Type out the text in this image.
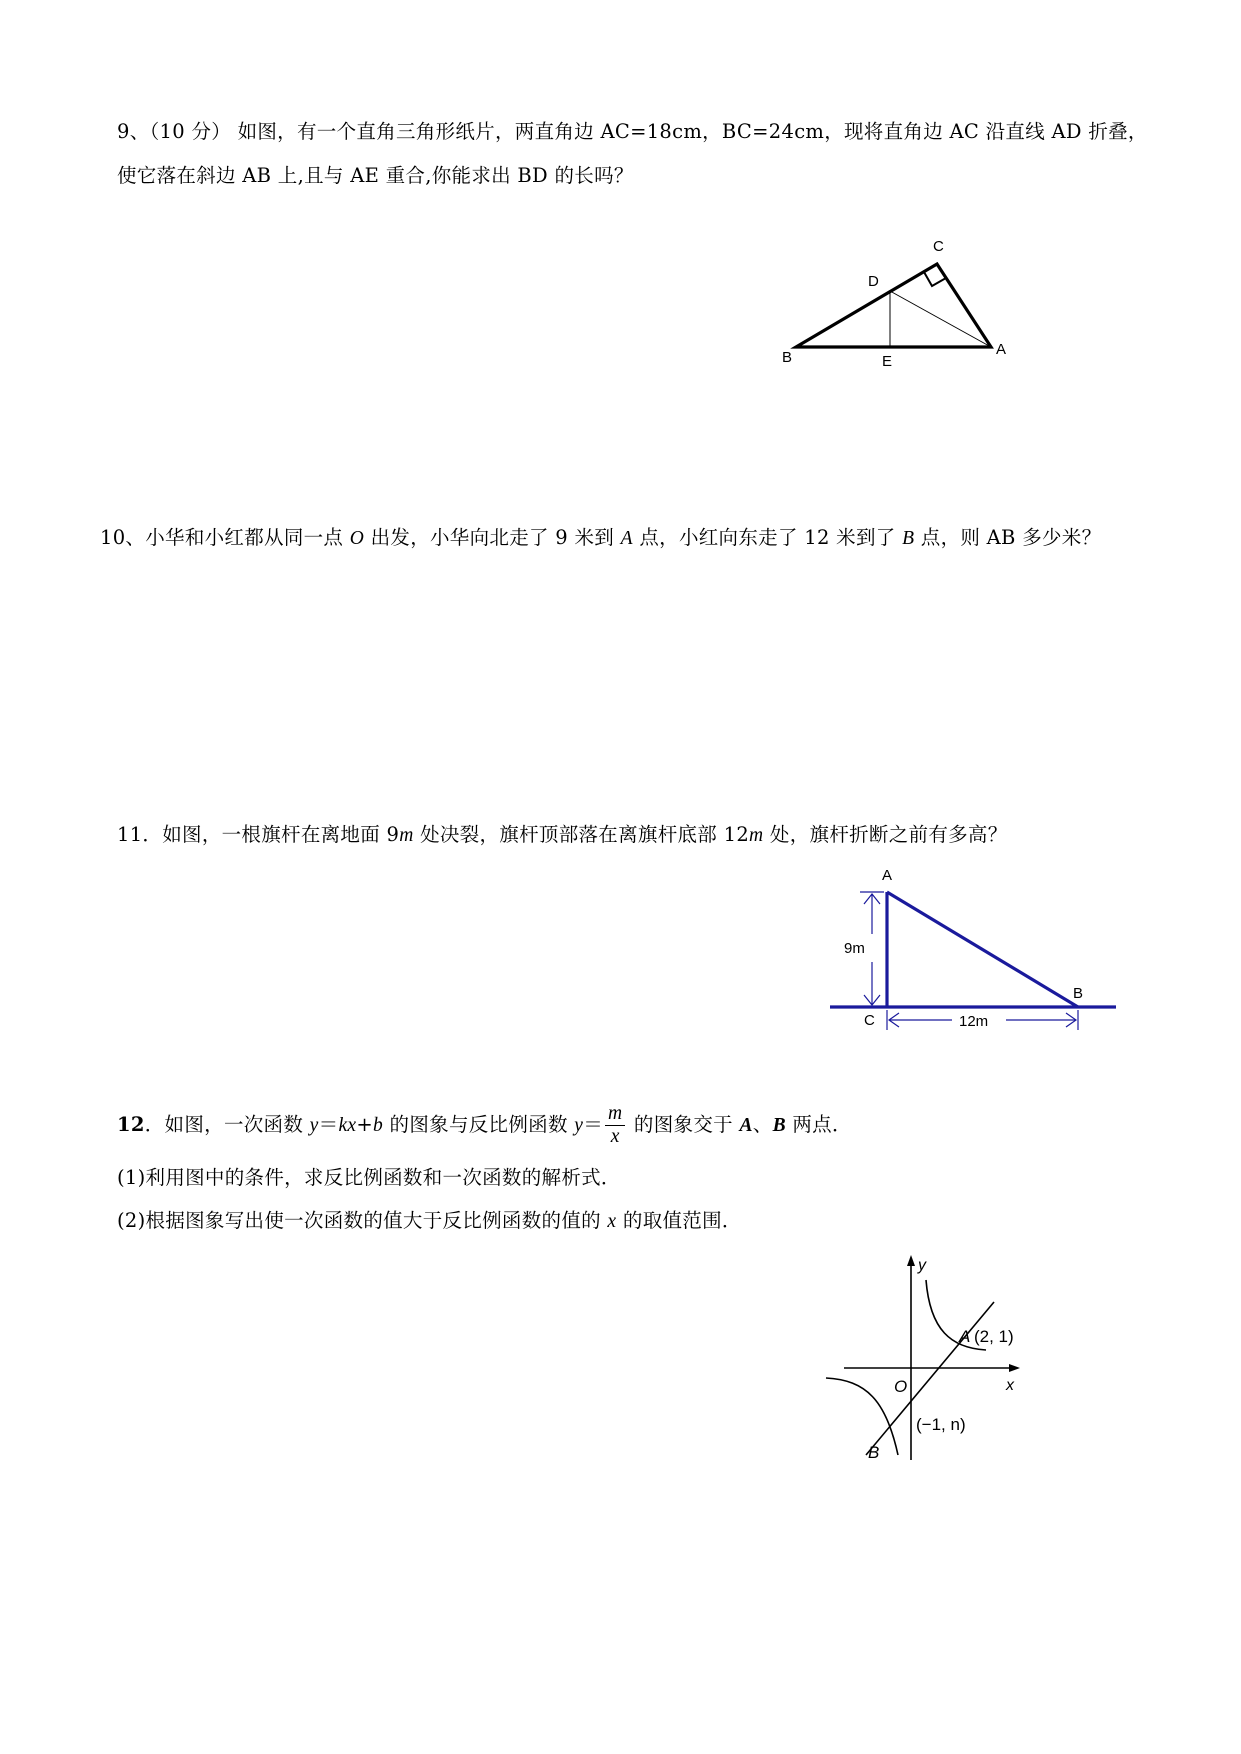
9、（10 分） 如图，有一个直角三角形纸片，两直角边 AC=18cm，BC=24cm，现将直角边 AC 沿直线 AD 折叠，
使它落在斜边 AB 上,且与 AE 重合,你能求出 BD 的长吗？
C
D
A
B	E
10、小华和小红都从同一点 O 出发，小华向北走了 9 米到 A 点，小红向东走了 12 米到了 B 点，则 AB 多少米？
11．如图，一根旗杆在离地面 9m 处决裂，旗杆顶部落在离旗杆底部 12m 处，旗杆折断之前有多高？
9m
12m
A
B
C
12．如图，一次函数 y＝kx+b 的图象与反比例函数 $y= \frac{m}{x}$ 的图象交于 A、B 两点．
(1)利用图中的条件，求反比例函数和一次函数的解析式．
(2)根据图象写出使一次函数的值大于反比例函数的值的 x 的取值范围．
y
x
O
A (2, 1)
B
(−1, n)
